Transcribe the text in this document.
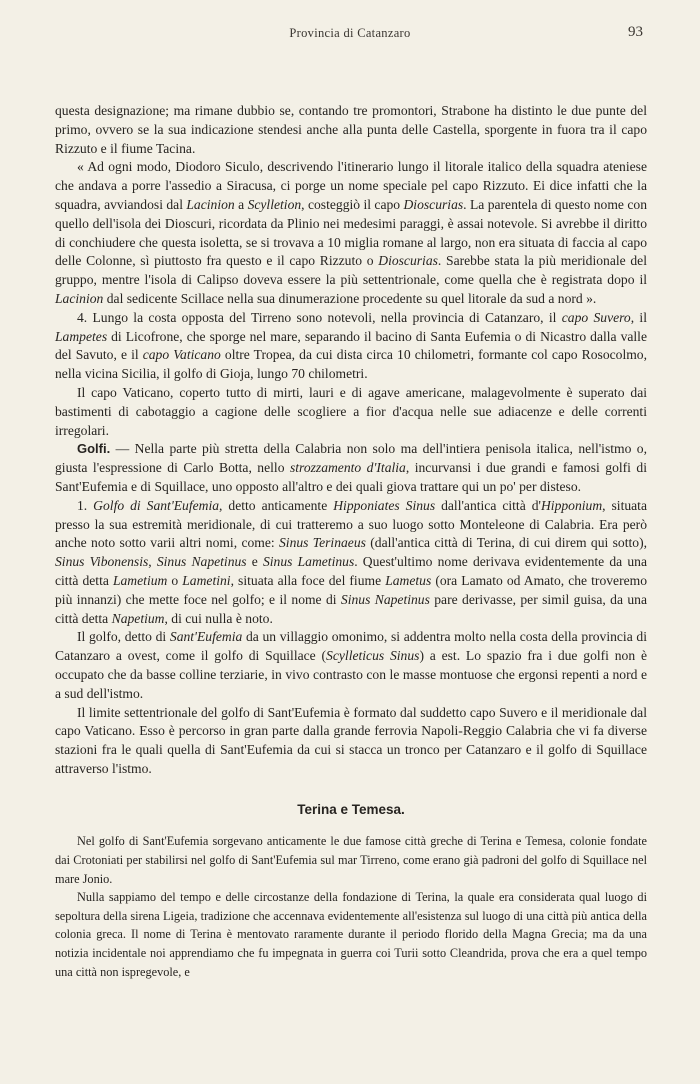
Provincia di Catanzaro	93

questa designazione; ma rimane dubbio se, contando tre promontori, Strabone ha distinto le due punte del primo, ovvero se la sua indicazione stendesi anche alla punta delle Castella, sporgente in fuora tra il capo Rizzuto e il fiume Tacina.

« Ad ogni modo, Diodoro Siculo, descrivendo l'itinerario lungo il litorale italico della squadra ateniese che andava a porre l'assedio a Siracusa, ci porge un nome speciale pel capo Rizzuto. Ei dice infatti che la squadra, avviandosi dal Lacinion a Scylletion, costeggiò il capo Dioscurias. La parentela di questo nome con quello dell'isola dei Dioscuri, ricordata da Plinio nei medesimi paraggi, è assai notevole. Si avrebbe il diritto di conchiudere che questa isoletta, se si trovava a 10 miglia romane al largo, non era situata di faccia al capo delle Colonne, sì piuttosto fra questo e il capo Rizzuto o Dioscurias. Sarebbe stata la più meridionale del gruppo, mentre l'isola di Calipso doveva essere la più settentrionale, come quella che è registrata dopo il Lacinion dal sedicente Scillace nella sua dinumerazione procedente su quel litorale da sud a nord ».

4. Lungo la costa opposta del Tirreno sono notevoli, nella provincia di Catanzaro, il capo Suvero, il Lampetes di Licofrone, che sporge nel mare, separando il bacino di Santa Eufemia o di Nicastro dalla valle del Savuto, e il capo Vaticano oltre Tropea, da cui dista circa 10 chilometri, formante col capo Rosocolmo, nella vicina Sicilia, il golfo di Gioja, lungo 70 chilometri.

Il capo Vaticano, coperto tutto di mirti, lauri e di agave americane, malagevolmente è superato dai bastimenti di cabotaggio a cagione delle scogliere a fior d'acqua nelle sue adiacenze e delle correnti irregolari.

Golfi. — Nella parte più stretta della Calabria non solo ma dell'intiera penisola italica, nell'istmo o, giusta l'espressione di Carlo Botta, nello strozzamento d'Italia, incurvansi i due grandi e famosi golfi di Sant'Eufemia e di Squillace, uno opposto all'altro e dei quali giova trattare qui un po' per disteso.

1. Golfo di Sant'Eufemia, detto anticamente Hipponiates Sinus dall'antica città d'Hipponium, situata presso la sua estremità meridionale, di cui tratteremo a suo luogo sotto Monteleone di Calabria. Era però anche noto sotto varii altri nomi, come: Sinus Terinaeus (dall'antica città di Terina, di cui direm qui sotto), Sinus Vibonensis, Sinus Napetinus e Sinus Lametinus. Quest'ultimo nome derivava evidentemente da una città detta Lametium o Lametini, situata alla foce del fiume Lametus (ora Lamato od Amato, che troveremo più innanzi) che mette foce nel golfo; e il nome di Sinus Napetinus pare derivasse, per simil guisa, da una città detta Napetium, di cui nulla è noto.

Il golfo, detto di Sant'Eufemia da un villaggio omonimo, si addentra molto nella costa della provincia di Catanzaro a ovest, come il golfo di Squillace (Scylleticus Sinus) a est. Lo spazio fra i due golfi non è occupato che da basse colline terziarie, in vivo contrasto con le masse montuose che ergonsi repenti a nord e a sud dell'istmo.

Il limite settentrionale del golfo di Sant'Eufemia è formato dal suddetto capo Suvero e il meridionale dal capo Vaticano. Esso è percorso in gran parte dalla grande ferrovia Napoli-Reggio Calabria che vi fa diverse stazioni fra le quali quella di Sant'Eufemia da cui si stacca un tronco per Catanzaro e il golfo di Squillace attraverso l'istmo.

Terina e Temesa.

Nel golfo di Sant'Eufemia sorgevano anticamente le due famose città greche di Terina e Temesa, colonie fondate dai Crotoniati per stabilirsi nel golfo di Sant'Eufemia sul mar Tirreno, come erano già padroni del golfo di Squillace nel mare Jonio.

Nulla sappiamo del tempo e delle circostanze della fondazione di Terina, la quale era considerata qual luogo di sepoltura della sirena Ligeia, tradizione che accennava evidentemente all'esistenza sul luogo di una città più antica della colonia greca. Il nome di Terina è mentovato raramente durante il periodo florido della Magna Grecia; ma da una notizia incidentale noi apprendiamo che fu impegnata in guerra coi Turii sotto Cleandrida, prova che era a quel tempo una città non ispregevole, e
